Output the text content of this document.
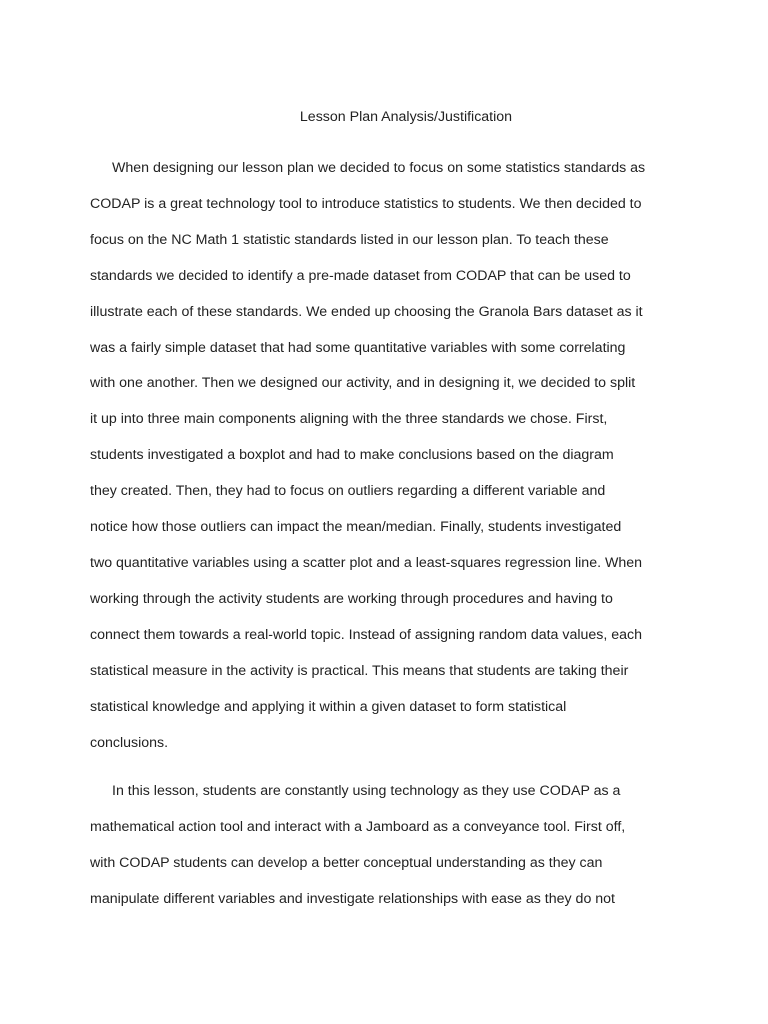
Lesson Plan Analysis/Justification

When designing our lesson plan we decided to focus on some statistics standards as
CODAP is a great technology tool to introduce statistics to students. We then decided to
focus on the NC Math 1 statistic standards listed in our lesson plan. To teach these
standards we decided to identify a pre-made dataset from CODAP that can be used to
illustrate each of these standards. We ended up choosing the Granola Bars dataset as it
was a fairly simple dataset that had some quantitative variables with some correlating
with one another. Then we designed our activity, and in designing it, we decided to split
it up into three main components aligning with the three standards we chose. First,
students investigated a boxplot and had to make conclusions based on the diagram
they created. Then, they had to focus on outliers regarding a different variable and
notice how those outliers can impact the mean/median. Finally, students investigated
two quantitative variables using a scatter plot and a least-squares regression line. When
working through the activity students are working through procedures and having to
connect them towards a real-world topic. Instead of assigning random data values, each
statistical measure in the activity is practical. This means that students are taking their
statistical knowledge and applying it within a given dataset to form statistical
conclusions.

In this lesson, students are constantly using technology as they use CODAP as a
mathematical action tool and interact with a Jamboard as a conveyance tool. First off,
with CODAP students can develop a better conceptual understanding as they can
manipulate different variables and investigate relationships with ease as they do not
